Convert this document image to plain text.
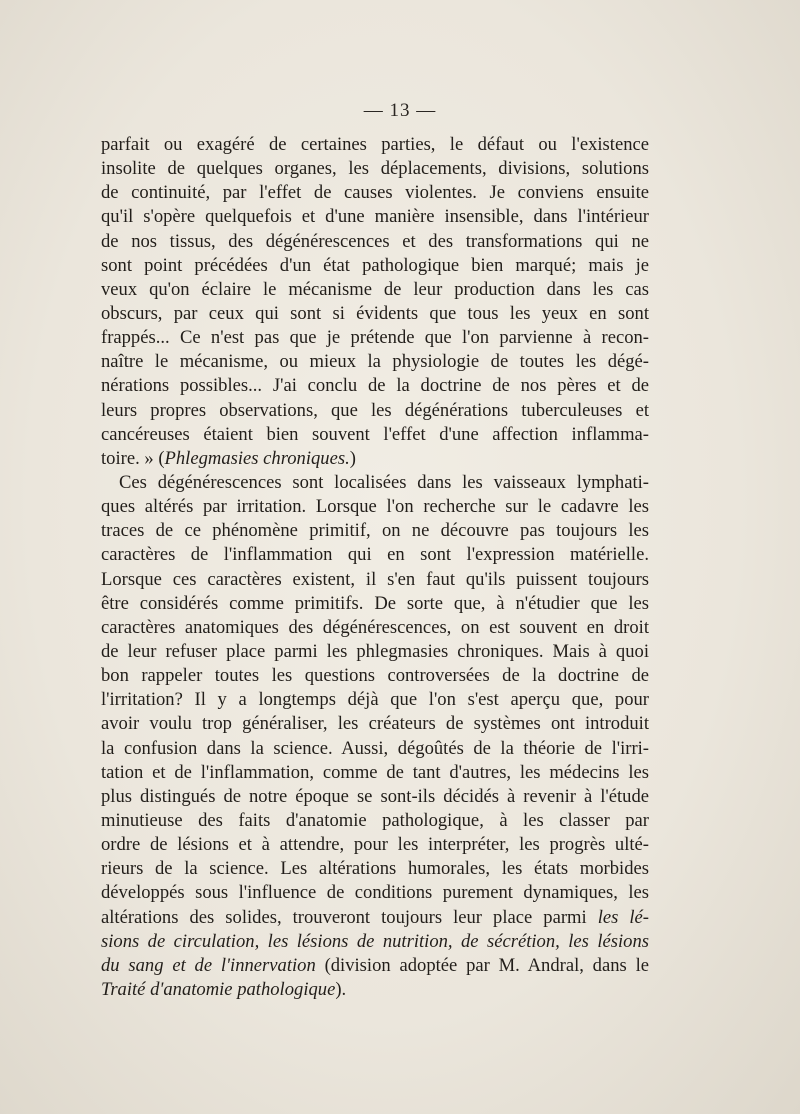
— 13 —
parfait ou exagéré de certaines parties, le défaut ou l'existence
insolite de quelques organes, les déplacements, divisions, solutions
de continuité, par l'effet de causes violentes. Je conviens ensuite
qu'il s'opère quelquefois et d'une manière insensible, dans l'intérieur
de nos tissus, des dégénérescences et des transformations qui ne
sont point précédées d'un état pathologique bien marqué; mais je
veux qu'on éclaire le mécanisme de leur production dans les cas
obscurs, par ceux qui sont si évidents que tous les yeux en sont
frappés... Ce n'est pas que je prétende que l'on parvienne à recon-
naître le mécanisme, ou mieux la physiologie de toutes les dégé-
nérations possibles... J'ai conclu de la doctrine de nos pères et de
leurs propres observations, que les dégénérations tuberculeuses et
cancéreuses étaient bien souvent l'effet d'une affection inflamma-
toire. » (Phlegmasies chroniques.)
Ces dégénérescences sont localisées dans les vaisseaux lymphati-
ques altérés par irritation. Lorsque l'on recherche sur le cadavre les
traces de ce phénomène primitif, on ne découvre pas toujours les
caractères de l'inflammation qui en sont l'expression matérielle.
Lorsque ces caractères existent, il s'en faut qu'ils puissent toujours
être considérés comme primitifs. De sorte que, à n'étudier que les
caractères anatomiques des dégénérescences, on est souvent en droit
de leur refuser place parmi les phlegmasies chroniques. Mais à quoi
bon rappeler toutes les questions controversées de la doctrine de
l'irritation? Il y a longtemps déjà que l'on s'est aperçu que, pour
avoir voulu trop généraliser, les créateurs de systèmes ont introduit
la confusion dans la science. Aussi, dégoûtés de la théorie de l'irri-
tation et de l'inflammation, comme de tant d'autres, les médecins les
plus distingués de notre époque se sont-ils décidés à revenir à l'étude
minutieuse des faits d'anatomie pathologique, à les classer par
ordre de lésions et à attendre, pour les interpréter, les progrès ulté-
rieurs de la science. Les altérations humorales, les états morbides
développés sous l'influence de conditions purement dynamiques, les
altérations des solides, trouveront toujours leur place parmi les lé-
sions de circulation, les lésions de nutrition, de sécrétion, les lésions
du sang et de l'innervation (division adoptée par M. Andral, dans le
Traité d'anatomie pathologique).
